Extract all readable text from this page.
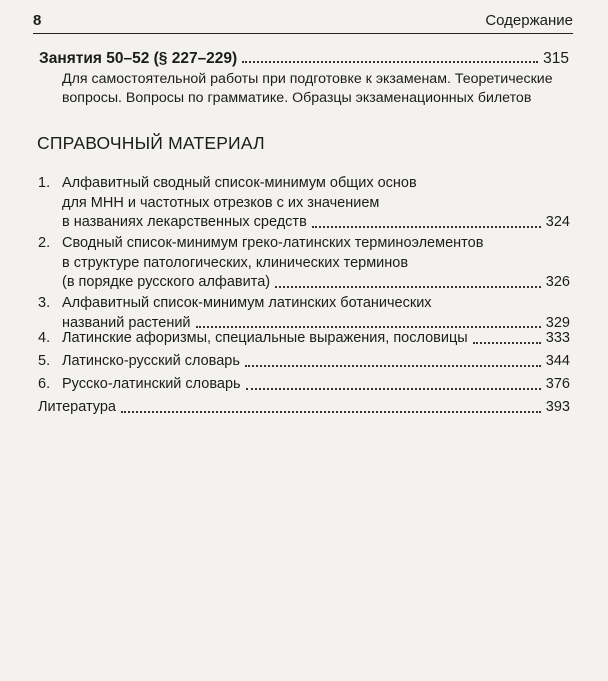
8	Содержание
Занятия 50–52 (§ 227–229)	315
Для самостоятельной работы при подготовке к экзаменам. Теоретические вопросы. Вопросы по грамматике. Образцы экзаменационных билетов
СПРАВОЧНЫЙ МАТЕРИАЛ
1. Алфавитный сводный список-минимум общих основ
для МНН и частотных отрезков с их значением
в названиях лекарственных средств	324
2. Сводный список-минимум греко-латинских терминоэлементов
в структуре патологических, клинических терминов
(в порядке русского алфавита)	326
3. Алфавитный список-минимум латинских ботанических
названий растений	329
4. Латинские афоризмы, специальные выражения, пословицы	333
5. Латинско-русский словарь	344
6. Русско-латинский словарь	376
Литература	393
